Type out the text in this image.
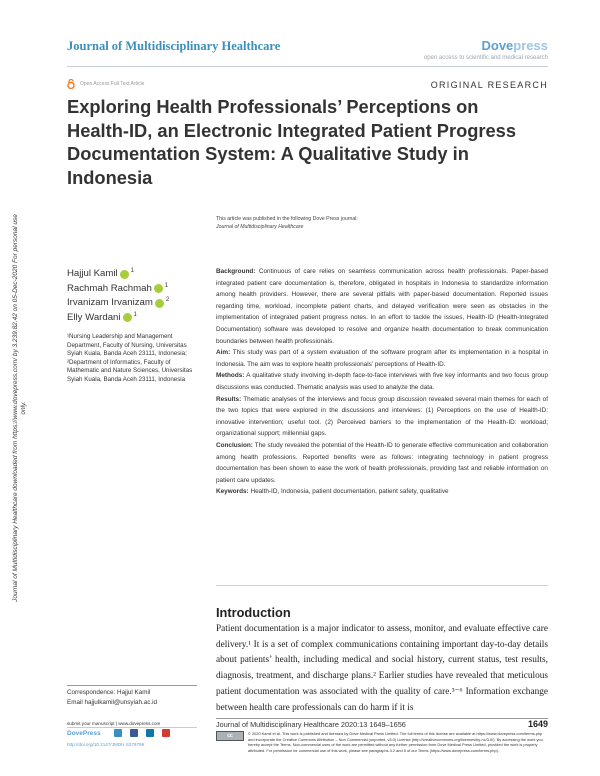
Journal of Multidisciplinary Healthcare	Dovepress
open access to scientific and medical research
Open Access Full Text Article	ORIGINAL RESEARCH
Exploring Health Professionals’ Perceptions on Health-ID, an Electronic Integrated Patient Progress Documentation System: A Qualitative Study in Indonesia
This article was published in the following Dove Press journal:
Journal of Multidisciplinary Healthcare
Hajjul Kamil 1
Rachmah Rachmah 1
Irvanizam Irvanizam 2
Elly Wardani 1
¹Nursing Leadership and Management Department, Faculty of Nursing, Universitas Syiah Kuala, Banda Aceh 23111, Indonesia; ²Department of Informatics, Faculty of Mathematic and Nature Sciences, Universitas Syiah Kuala, Banda Aceh 23111, Indonesia

Background: Continuous of care relies on seamless communication across health professionals. Paper-based integrated patient care documentation is, therefore, obligated in hospitals in Indonesia to standardize information among health providers. However, there are several pitfalls with paper-based documentation. Reported issues regarding time, workload, incomplete patient charts, and delayed verification were seen as obstacles in the implementation of integrated patient progress notes. In an effort to tackle the issues, Health-ID (Health-Integrated Documentation) software was developed to resolve and organize health documentation to break communication boundaries between health professionals.

Aim: This study was part of a system evaluation of the software program after its implementation in a hospital in Indonesia. The aim was to explore health professionals’ perceptions of Health-ID.

Methods: A qualitative study involving in-depth face-to-face interviews with five key informants and two focus group discussions was conducted. Thematic analysis was used to analyze the data.

Results: Thematic analyses of the interviews and focus group discussion revealed several main themes for each of the two topics that were explored in the discussions and interviews: (1) Perceptions on the use of Health-ID: innovative intervention; useful tool. (2) Perceived barriers to the implementation of the Health-ID: workload; organizational support; millennial gaps.

Conclusion: The study revealed the potential of the Health-ID to generate effective communication and collaboration among health professions. Reported benefits were as follows: integrating technology in patient progress documentation has been shown to ease the work of health professionals, providing fast and reliable information on patient care updates.

Keywords: Health-ID, Indonesia, patient documentation, patient safety, qualitative

Introduction
Patient documentation is a major indicator to assess, monitor, and evaluate effective care delivery.¹ It is a set of complex communications containing important day-to-day details about patients’ health, including medical and social history, current status, test results, diagnosis, treatment, and discharge plans.² Earlier studies have revealed that meticulous patient documentation was associated with the quality of care.³⁻⁶ Information exchange between health care professionals can do harm if it is
Correspondence: Hajjul Kamil
Email hajjulkamil@unsyiah.ac.id
submit your manuscript | www.dovepress.com
DovePress
http://doi.org/10.2147/JMDH.S279796
Journal of Multidisciplinary Healthcare 2020:13 1649–1656	1649
cc	© 2020 Kamil et al. This work is published and licensed by Dove Medical Press Limited. The full terms of this license are available at https://www.dovepress.com/terms.php and incorporate the Creative Commons Attribution – Non Commercial (unported, v3.0) License (http://creativecommons.org/licenses/by-nc/3.0/). By accessing the work you hereby accept the Terms. Non-commercial uses of the work are permitted without any further permission from Dove Medical Press Limited, provided the work is properly attributed. For permission for commercial use of this work, please see paragraphs 4.2 and 5 of our Terms (https://www.dovepress.com/terms.php).
Journal of Multidisciplinary Healthcare downloaded from https://www.dovepress.com/ by 3.239.82.42 on 05-Dec-2020 For personal use only.
